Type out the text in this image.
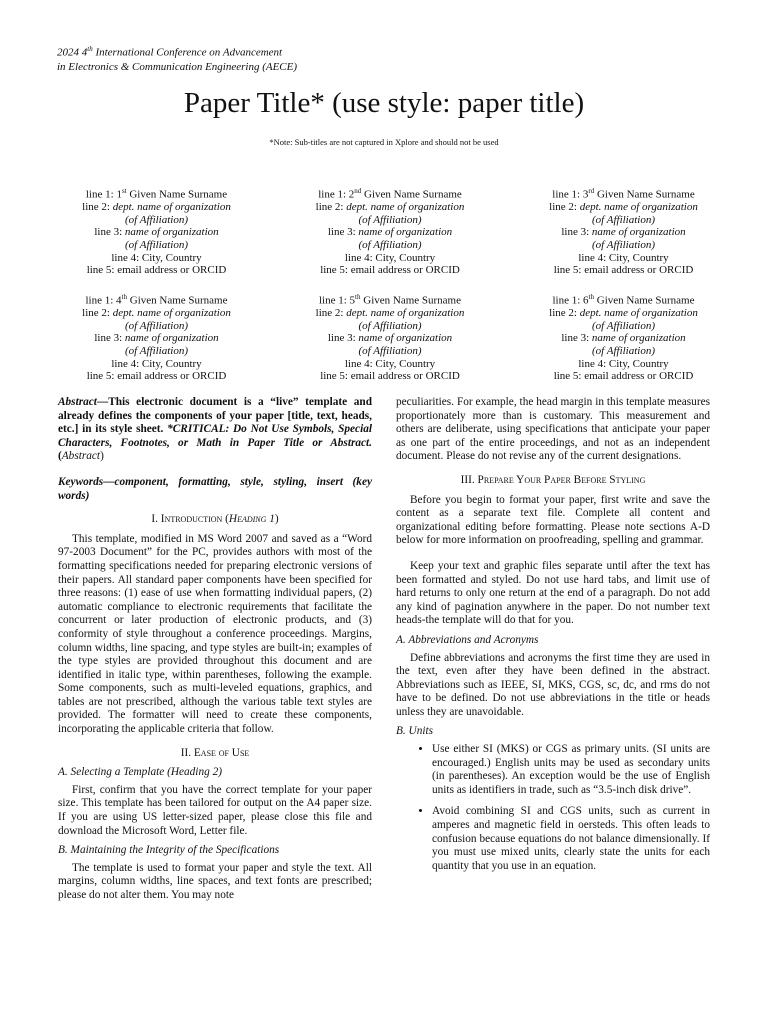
2024 4th International Conference on Advancement
in Electronics & Communication Engineering (AECE)
Paper Title* (use style: paper title)
*Note: Sub-titles are not captured in Xplore and should not be used
line 1: 1st Given Name Surname
line 2: dept. name of organization
(of Affiliation)
line 3: name of organization
(of Affiliation)
line 4: City, Country
line 5: email address or ORCID
line 1: 2nd Given Name Surname
line 2: dept. name of organization
(of Affiliation)
line 3: name of organization
(of Affiliation)
line 4: City, Country
line 5: email address or ORCID
line 1: 3rd Given Name Surname
line 2: dept. name of organization
(of Affiliation)
line 3: name of organization
(of Affiliation)
line 4: City, Country
line 5: email address or ORCID
line 1: 4th Given Name Surname
line 2: dept. name of organization
(of Affiliation)
line 3: name of organization
(of Affiliation)
line 4: City, Country
line 5: email address or ORCID
line 1: 5th Given Name Surname
line 2: dept. name of organization
(of Affiliation)
line 3: name of organization
(of Affiliation)
line 4: City, Country
line 5: email address or ORCID
line 1: 6th Given Name Surname
line 2: dept. name of organization
(of Affiliation)
line 3: name of organization
(of Affiliation)
line 4: City, Country
line 5: email address or ORCID

Abstract—This electronic document is a “live” template and already defines the components of your paper [title, text, heads, etc.] in its style sheet. *CRITICAL: Do Not Use Symbols, Special Characters, Footnotes, or Math in Paper Title or Abstract. (Abstract)

Keywords—component, formatting, style, styling, insert (key words)

I. Introduction (Heading 1)

This template, modified in MS Word 2007 and saved as a “Word 97-2003 Document” for the PC, provides authors with most of the formatting specifications needed for preparing electronic versions of their papers. All standard paper components have been specified for three reasons: (1) ease of use when formatting individual papers, (2) automatic compliance to electronic requirements that facilitate the concurrent or later production of electronic products, and (3) conformity of style throughout a conference proceedings. Margins, column widths, line spacing, and type styles are built-in; examples of the type styles are provided throughout this document and are identified in italic type, within parentheses, following the example. Some components, such as multi-leveled equations, graphics, and tables are not prescribed, although the various table text styles are provided. The formatter will need to create these components, incorporating the applicable criteria that follow.

II. Ease of Use

A. Selecting a Template (Heading 2)

First, confirm that you have the correct template for your paper size. This template has been tailored for output on the A4 paper size. If you are using US letter-sized paper, please close this file and download the Microsoft Word, Letter file.

B. Maintaining the Integrity of the Specifications

The template is used to format your paper and style the text. All margins, column widths, line spaces, and text fonts are prescribed; please do not alter them. You may note

peculiarities. For example, the head margin in this template measures proportionately more than is customary. This measurement and others are deliberate, using specifications that anticipate your paper as one part of the entire proceedings, and not as an independent document. Please do not revise any of the current designations.

III. Prepare Your Paper Before Styling

Before you begin to format your paper, first write and save the content as a separate text file. Complete all content and organizational editing before formatting. Please note sections A-D below for more information on proofreading, spelling and grammar.

Keep your text and graphic files separate until after the text has been formatted and styled. Do not use hard tabs, and limit use of hard returns to only one return at the end of a paragraph. Do not add any kind of pagination anywhere in the paper. Do not number text heads-the template will do that for you.

A. Abbreviations and Acronyms

Define abbreviations and acronyms the first time they are used in the text, even after they have been defined in the abstract. Abbreviations such as IEEE, SI, MKS, CGS, sc, dc, and rms do not have to be defined. Do not use abbreviations in the title or heads unless they are unavoidable.

B. Units

• Use either SI (MKS) or CGS as primary units. (SI units are encouraged.) English units may be used as secondary units (in parentheses). An exception would be the use of English units as identifiers in trade, such as “3.5-inch disk drive”.
• Avoid combining SI and CGS units, such as current in amperes and magnetic field in oersteds. This often leads to confusion because equations do not balance dimensionally. If you must use mixed units, clearly state the units for each quantity that you use in an equation.
